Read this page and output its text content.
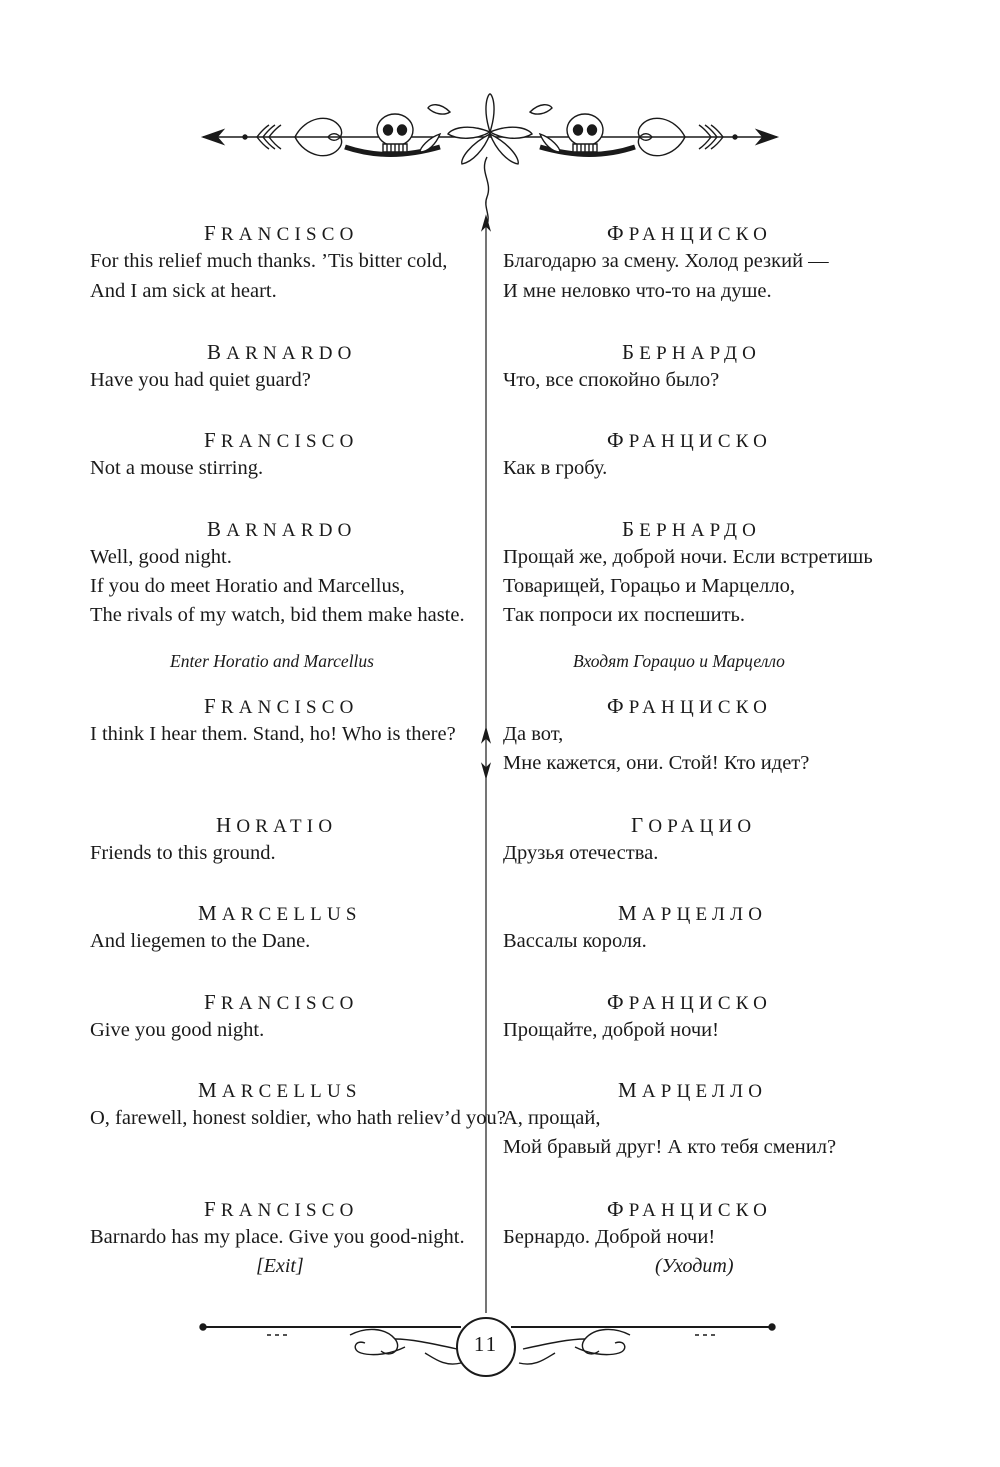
11
FRANCISCO
For this relief much thanks. ’Tis bitter cold,
And I am sick at heart.
BARNARDO
Have you had quiet guard?
FRANCISCO
Not a mouse stirring.
BARNARDO
Well, good night.
If you do meet Horatio and Marcellus,
The rivals of my watch, bid them make haste.
Enter Horatio and Marcellus
FRANCISCO
I think I hear them. Stand, ho! Who is there?
HORATIO
Friends to this ground.
MARCELLUS
And liegemen to the Dane.
FRANCISCO
Give you good night.
MARCELLUS
O, farewell, honest soldier, who hath reliev’d you?
FRANCISCO
Barnardo has my place. Give you good-night.
[Exit]
ФРАНЦИСКО
Благодарю за смену. Холод резкий —
И мне неловко что-то на душе.
БЕРНАРДО
Что, все спокойно было?
ФРАНЦИСКО
Как в гробу.
БЕРНАРДО
Прощай же, доброй ночи. Если встретишь
Товарищей, Горацьо и Марцелло,
Так попроси их поспешить.
Входят Горацио и Марцелло
ФРАНЦИСКО
Да вот,
Мне кажется, они. Стой! Кто идет?
ГОРАЦИО
Друзья отечества.
МАРЦЕЛЛО
Вассалы короля.
ФРАНЦИСКО
Прощайте, доброй ночи!
МАРЦЕЛЛО
А, прощай,
Мой бравый друг! А кто тебя сменил?
ФРАНЦИСКО
Бернардо. Доброй ночи!
(Уходит)
